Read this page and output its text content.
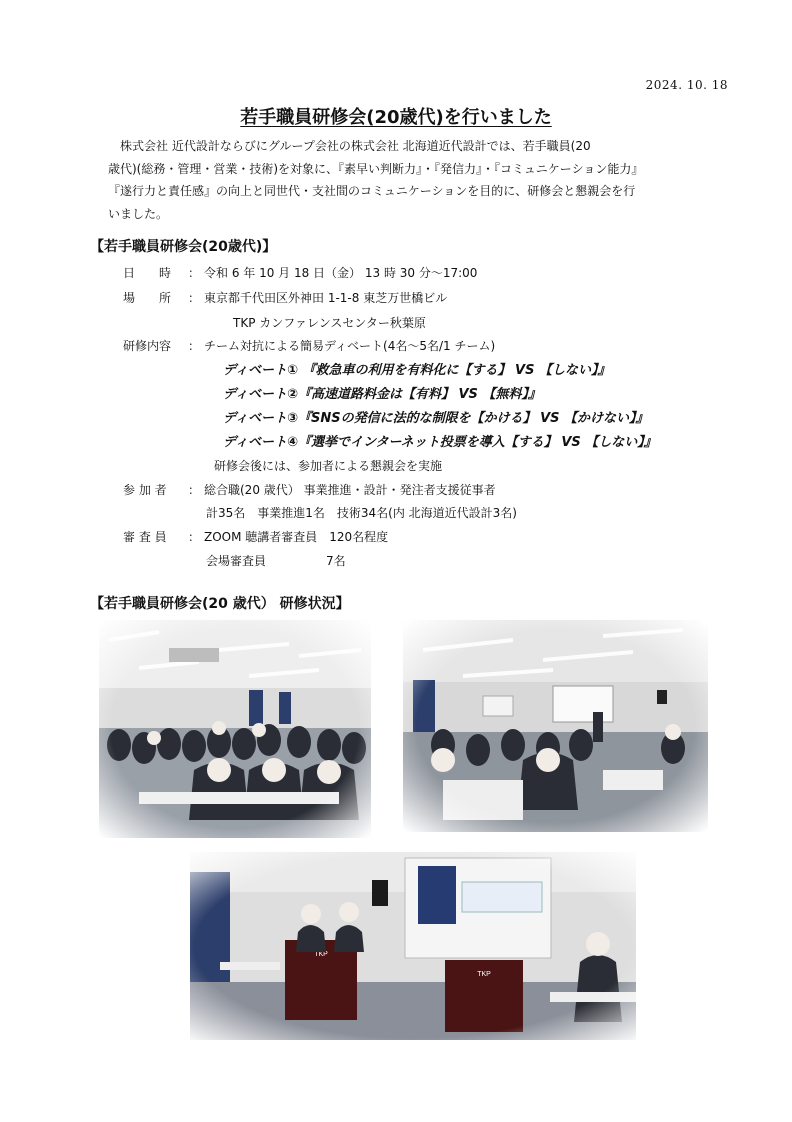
2024. 10. 18
若手職員研修会(20歳代)を行いました
　株式会社 近代設計ならびにグループ会社の株式会社 北海道近代設計では、若手職員(20
歳代)(総務・管理・営業・技術)を対象に、『素早い判断力』・『発信力』・『コミュニケーション能力』
『遂行力と責任感』の向上と同世代・支社間のコミュニケーションを目的に、研修会と懇親会を行
いました。
【若手職員研修会(20歳代)】
日　　時 ： 令和 6 年 10 月 18 日（金） 13 時 30 分～17:00
場　　所 ： 東京都千代田区外神田 1-1-8 東芝万世橋ビル
TKP カンファレンスセンター秋葉原
研修内容 ： チーム対抗による簡易ディベート(4名～5名/1 チーム)
ディベート① 『救急車の利用を有料化に【する】 VS 【しない】』
ディベート②『高速道路料金は【有料】 VS 【無料】』
ディベート③『SNSの発信に法的な制限を【かける】 VS 【かけない】』
ディベート④『選挙でインターネット投票を導入【する】 VS 【しない】』
研修会後には、参加者による懇親会を実施
参 加 者 ： 総合職(20 歳代） 事業推進・設計・発注者支援従事者
計35名　事業推進1名　技術34名(内 北海道近代設計3名)
審 査 員 ： ZOOM 聴講者審査員　120名程度
会場審査員　　　　　7名
【若手職員研修会(20 歳代） 研修状況】
